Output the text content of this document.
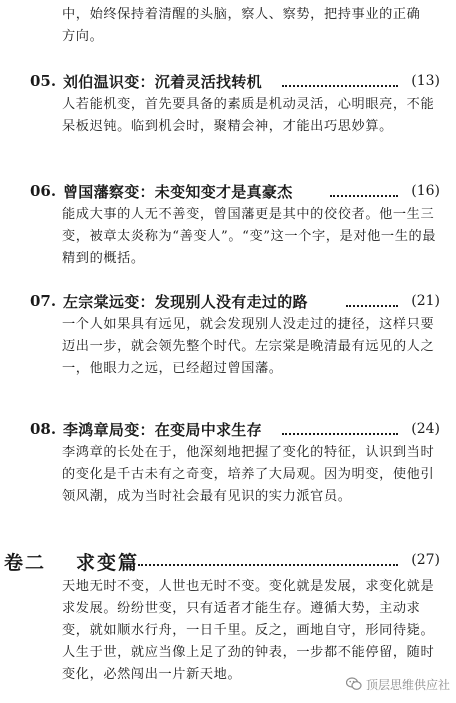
中，始终保持着清醒的头脑，察人、察势，把持事业的正确方向。
05. 刘伯温识变：沉着灵活找转机	(13)
人若能机变，首先要具备的素质是机动灵活，心明眼亮，不能呆板迟钝。临到机会时，聚精会神，才能出巧思妙算。
06. 曾国藩察变：未变知变才是真豪杰	(16)
能成大事的人无不善变，曾国藩更是其中的佼佼者。他一生三变，被章太炎称为“善变人”。“变”这一个字，是对他一生的最精到的概括。
07. 左宗棠远变：发现别人没有走过的路	(21)
一个人如果具有远见，就会发现别人没走过的捷径，这样只要迈出一步，就会领先整个时代。左宗棠是晚清最有远见的人之一，他眼力之远，已经超过曾国藩。
08. 李鸿章局变：在变局中求生存	(24)
李鸿章的长处在于，他深刻地把握了变化的特征，认识到当时的变化是千古未有之奇变，培养了大局观。因为明变，使他引领风潮，成为当时社会最有见识的实力派官员。
卷二 求变篇	(27)
天地无时不变，人世也无时不变。变化就是发展，求变化就是求发展。纷纷世变，只有适者才能生存。遵循大势，主动求变，就如顺水行舟，一日千里。反之，画地自守，形同待毙。人生于世，就应当像上足了劲的钟表，一步都不能停留，随时变化，必然闯出一片新天地。
顶层思维供应社
